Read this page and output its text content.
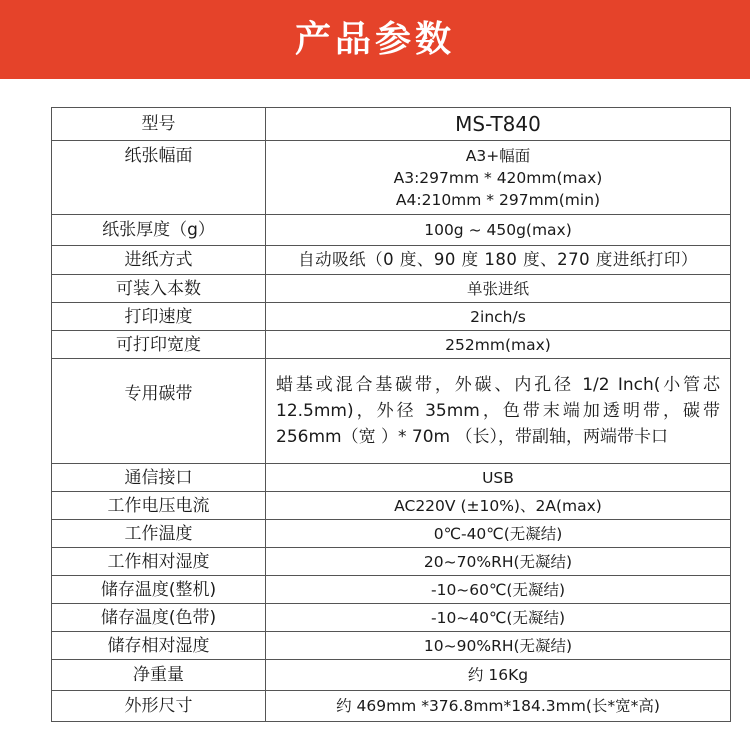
产品参数
型号	MS-T840
纸张幅面	A3+幅面
A3:297mm * 420mm(max)
A4:210mm * 297mm(min)

纸张厚度（g）	100g ~ 450g(max)
进纸方式	自动吸纸（0 度、90 度 180 度、270 度进纸打印）
可装入本数	单张进纸
打印速度	2inch/s
可打印宽度	252mm(max)
专用碳带	蜡基或混合基碳带，外碳、内孔径 1/2 Inch(小管芯 12.5mm)，外径 35mm，色带末端加透明带，碳带 256mm（宽 ）* 70m （长），带副轴，两端带卡口
通信接口	USB
工作电压电流	AC220V (±10%)、2A(max)
工作温度	0℃-40℃(无凝结)
工作相对湿度	20~70%RH(无凝结)
储存温度(整机)	-10~60℃(无凝结)
储存温度(色带)	-10~40℃(无凝结)
储存相对湿度	10~90%RH(无凝结)
净重量	约 16Kg
外形尺寸	约 469mm *376.8mm*184.3mm(长*宽*高)
